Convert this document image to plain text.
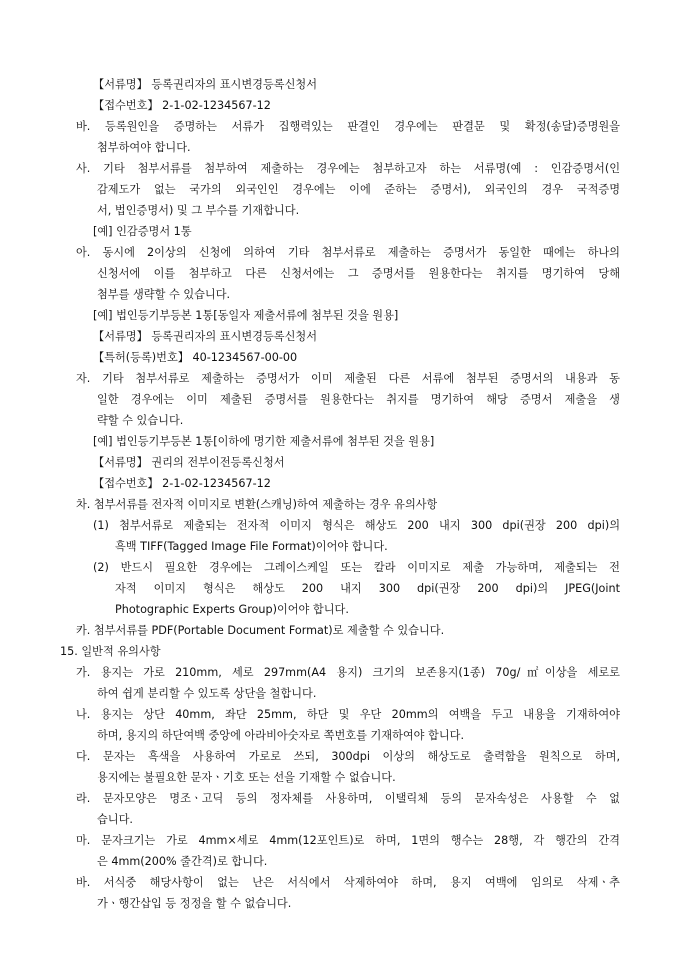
【서류명】 등록권리자의 표시변경등록신청서
【접수번호】 2-1-02-1234567-12
바. 등록원인을 증명하는 서류가 집행력있는 판결인 경우에는 판결문 및 확정(송달)증명원을
첨부하여야 합니다.
사. 기타 첨부서류를 첨부하여 제출하는 경우에는 첨부하고자 하는 서류명(예 : 인감증명서(인
감제도가 없는 국가의 외국인인 경우에는 이에 준하는 증명서), 외국인의 경우 국적증명
서, 법인증명서) 및 그 부수를 기재합니다.
[예] 인감증명서 1통
아. 동시에 2이상의 신청에 의하여 기타 첨부서류로 제출하는 증명서가 동일한 때에는 하나의
신청서에 이를 첨부하고 다른 신청서에는 그 증명서를 원용한다는 취지를 명기하여 당해
첨부를 생략할 수 있습니다.
[예] 법인등기부등본 1통[동일자 제출서류에 첨부된 것을 원용]
【서류명】 등록권리자의 표시변경등록신청서
【특허(등록)번호】 40-1234567-00-00
자. 기타 첨부서류로 제출하는 증명서가 이미 제출된 다른 서류에 첨부된 증명서의 내용과 동
일한 경우에는 이미 제출된 증명서를 원용한다는 취지를 명기하여 해당 증명서 제출을 생
략할 수 있습니다.
[예] 법인등기부등본 1통[이하에 명기한 제출서류에 첨부된 것을 원용]
【서류명】 권리의 전부이전등록신청서
【접수번호】 2-1-02-1234567-12
차. 첨부서류를 전자적 이미지로 변환(스캐닝)하여 제출하는 경우 유의사항
(1) 첨부서류로 제출되는 전자적 이미지 형식은 해상도 200 내지 300 dpi(권장 200 dpi)의
흑백 TIFF(Tagged Image File Format)이어야 합니다.
(2) 반드시 필요한 경우에는 그레이스케일 또는 칼라 이미지로 제출 가능하며, 제출되는 전
자적 이미지 형식은 해상도 200 내지 300 dpi(권장 200 dpi)의 JPEG(Joint
Photographic Experts Group)이어야 합니다.
카. 첨부서류를 PDF(Portable Document Format)로 제출할 수 있습니다.
15. 일반적 유의사항
가. 용지는 가로 210mm, 세로 297mm(A4 용지) 크기의 보존용지(1종) 70g/㎡이상을 세로로
하여 쉽게 분리할 수 있도록 상단을 철합니다.
나. 용지는 상단 40mm, 좌단 25mm, 하단 및 우단 20mm의 여백을 두고 내용을 기재하여야
하며, 용지의 하단여백 중앙에 아라비아숫자로 쪽번호를 기재하여야 합니다.
다. 문자는 흑색을 사용하여 가로로 쓰되, 300dpi 이상의 해상도로 출력함을 원칙으로 하며,
용지에는 불필요한 문자ㆍ기호 또는 선을 기재할 수 없습니다.
라. 문자모양은 명조ㆍ고딕 등의 정자체를 사용하며, 이탤릭체 등의 문자속성은 사용할 수 없
습니다.
마. 문자크기는 가로 4mm×세로 4mm(12포인트)로 하며, 1면의 행수는 28행, 각 행간의 간격
은 4mm(200% 줄간격)로 합니다.
바. 서식중 해당사항이 없는 난은 서식에서 삭제하여야 하며, 용지 여백에 임의로 삭제ㆍ추
가ㆍ행간삽입 등 정정을 할 수 없습니다.
